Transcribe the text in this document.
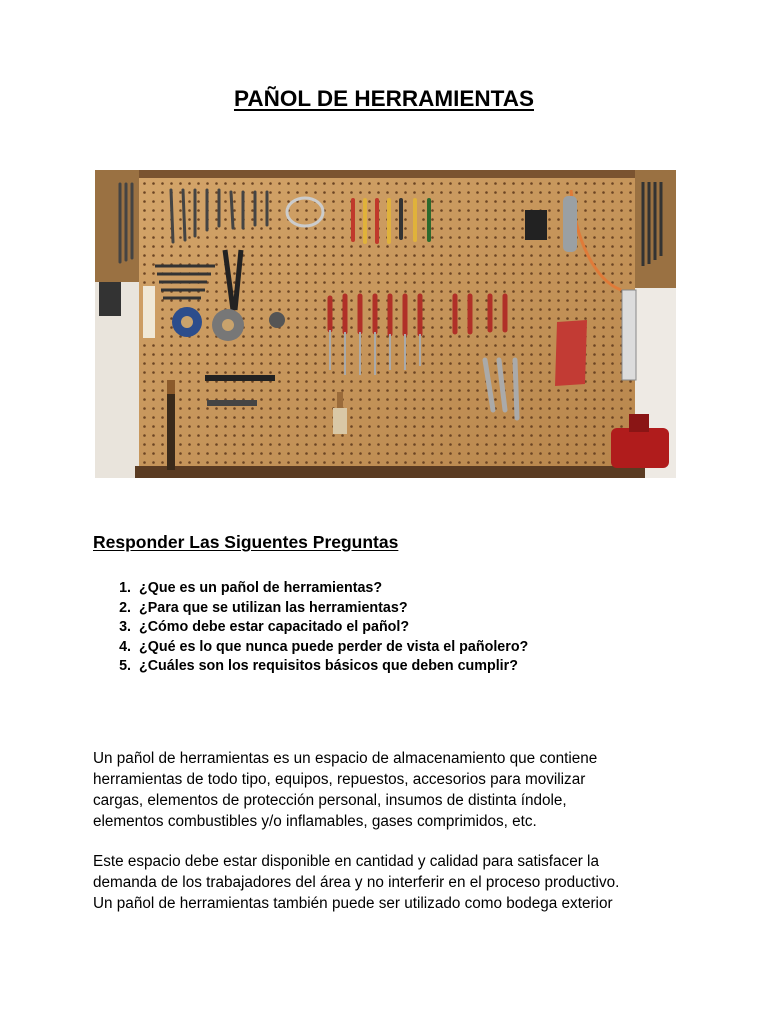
PAÑOL DE HERRAMIENTAS
Responder Las Siguentes Preguntas
1. ¿Que es un pañol de herramientas?
2. ¿Para que se utilizan las herramientas?
3. ¿Cómo debe estar capacitado el pañol?
4. ¿Qué es lo que nunca puede perder de vista el pañolero?
5. ¿Cuáles son los requisitos básicos que deben cumplir?

Un pañol de herramientas es un espacio de almacenamiento que contiene
herramientas de todo tipo, equipos, repuestos, accesorios para movilizar
cargas, elementos de protección personal, insumos de distinta índole,
elementos combustibles y/o inflamables, gases comprimidos, etc.

Este espacio debe estar disponible en cantidad y calidad para satisfacer la
demanda de los trabajadores del área y no interferir en el proceso productivo.
Un pañol de herramientas también puede ser utilizado como bodega exterior
